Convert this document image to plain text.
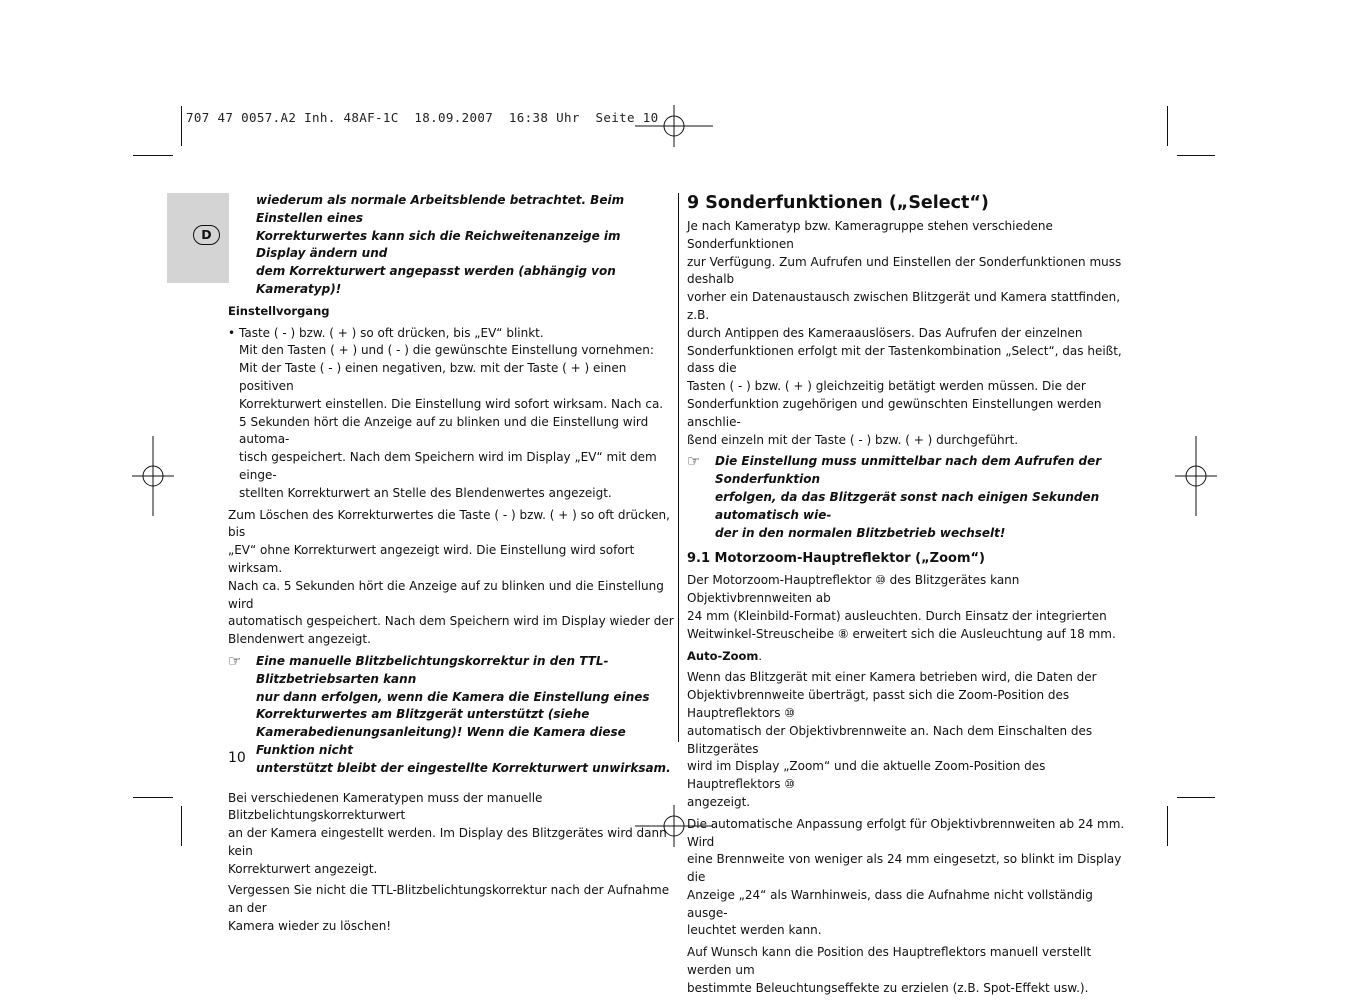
707 47 0057.A2 Inh. 48AF-1C  18.09.2007  16:38 Uhr  Seite 10
D

wiederum als normale Arbeitsblende betrachtet. Beim Einstellen eines
Korrekturwertes kann sich die Reichweitenanzeige im Display ändern und
dem Korrekturwert angepasst werden (abhängig von Kameratyp)!

Einstellvorgang

• Taste ( - ) bzw. ( + ) so oft drücken, bis „EV“ blinkt.
Mit den Tasten ( + ) und ( - ) die gewünschte Einstellung vornehmen:
Mit der Taste ( - ) einen negativen, bzw. mit der Taste ( + ) einen positiven
Korrekturwert einstellen. Die Einstellung wird sofort wirksam. Nach ca.
5 Sekunden hört die Anzeige auf zu blinken und die Einstellung wird automa-
tisch gespeichert. Nach dem Speichern wird im Display „EV“ mit dem einge-
stellten Korrekturwert an Stelle des Blendenwertes angezeigt.

Zum Löschen des Korrekturwertes die Taste ( - ) bzw. ( + ) so oft drücken, bis
„EV“ ohne Korrekturwert angezeigt wird. Die Einstellung wird sofort wirksam.
Nach ca. 5 Sekunden hört die Anzeige auf zu blinken und die Einstellung wird
automatisch gespeichert. Nach dem Speichern wird im Display wieder der
Blendenwert angezeigt.

☞	Eine manuelle Blitzbelichtungskorrektur in den TTL-Blitzbetriebsarten kann
nur dann erfolgen, wenn die Kamera die Einstellung eines
Korrekturwertes am Blitzgerät unterstützt (siehe
Kamerabedienungsanleitung)! Wenn die Kamera diese Funktion nicht
unterstützt bleibt der eingestellte Korrekturwert unwirksam.

Bei verschiedenen Kameratypen muss der manuelle Blitzbelichtungskorrekturwert
an der Kamera eingestellt werden. Im Display des Blitzgerätes wird dann kein
Korrekturwert angezeigt.

Vergessen Sie nicht die TTL-Blitzbelichtungskorrektur nach der Aufnahme an der
Kamera wieder zu löschen!

9 Sonderfunktionen („Select“)

Je nach Kameratyp bzw. Kameragruppe stehen verschiedene Sonderfunktionen
zur Verfügung. Zum Aufrufen und Einstellen der Sonderfunktionen muss deshalb
vorher ein Datenaustausch zwischen Blitzgerät und Kamera stattfinden, z.B.
durch Antippen des Kameraauslösers. Das Aufrufen der einzelnen
Sonderfunktionen erfolgt mit der Tastenkombination „Select“, das heißt, dass die
Tasten ( - ) bzw. ( + ) gleichzeitig betätigt werden müssen. Die der
Sonderfunktion zugehörigen und gewünschten Einstellungen werden anschlie-
ßend einzeln mit der Taste ( - ) bzw. ( + ) durchgeführt.

☞	Die Einstellung muss unmittelbar nach dem Aufrufen der Sonderfunktion
erfolgen, da das Blitzgerät sonst nach einigen Sekunden automatisch wie-
der in den normalen Blitzbetrieb wechselt!
9.1 Motorzoom-Hauptreflektor („Zoom“)

Der Motorzoom-Hauptreflektor ⑩ des Blitzgerätes kann Objektivbrennweiten ab
24 mm (Kleinbild-Format) ausleuchten. Durch Einsatz der integrierten
Weitwinkel-Streuscheibe ⑧ erweitert sich die Ausleuchtung auf 18 mm.

Auto-Zoom.

Wenn das Blitzgerät mit einer Kamera betrieben wird, die Daten der
Objektivbrennweite überträgt, passt sich die Zoom-Position des Hauptreflektors ⑩
automatisch der Objektivbrennweite an. Nach dem Einschalten des Blitzgerätes
wird im Display „Zoom“ und die aktuelle Zoom-Position des Hauptreflektors ⑩
angezeigt.

Die automatische Anpassung erfolgt für Objektivbrennweiten ab 24 mm. Wird
eine Brennweite von weniger als 24 mm eingesetzt, so blinkt im Display die
Anzeige „24“ als Warnhinweis, dass die Aufnahme nicht vollständig ausge-
leuchtet werden kann.

Auf Wunsch kann die Position des Hauptreflektors manuell verstellt werden um
bestimmte Beleuchtungseffekte zu erzielen (z.B. Spot-Effekt usw.).

10
